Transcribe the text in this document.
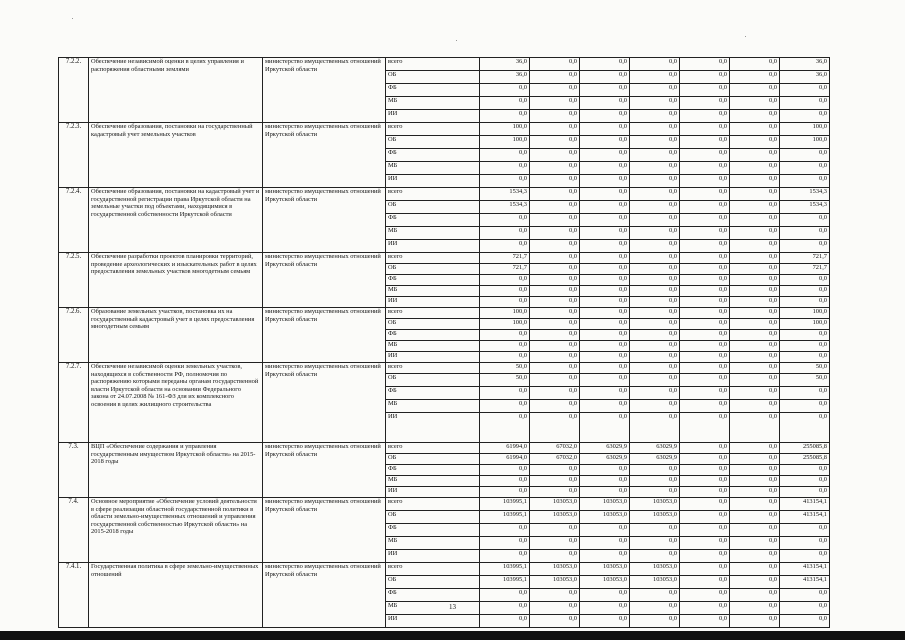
7.2.2.	Обеспечение независимой оценки в целях управления и распоряжения областными землями	министерство имущественных отношений Иркутской области	всего	36,0	0,0	0,0	0,0	0,0	0,0	36,0
			ОБ	36,0	0,0	0,0	0,0	0,0	0,0	36,0
			ФБ	0,0	0,0	0,0	0,0	0,0	0,0	0,0
			МБ	0,0	0,0	0,0	0,0	0,0	0,0	0,0
			ИИ	0,0	0,0	0,0	0,0	0,0	0,0	0,0
7.2.3.	Обеспечение образования, постановки на государственный кадастровый учет земельных участков	министерство имущественных отношений Иркутской области	всего	100,0	0,0	0,0	0,0	0,0	0,0	100,0
			ОБ	100,0	0,0	0,0	0,0	0,0	0,0	100,0
			ФБ	0,0	0,0	0,0	0,0	0,0	0,0	0,0
			МБ	0,0	0,0	0,0	0,0	0,0	0,0	0,0
			ИИ	0,0	0,0	0,0	0,0	0,0	0,0	0,0
7.2.4.	Обеспечение образования, постановки на кадастровый учет и государственной регистрации права Иркутской области на земельные участки под объектами, находящимися в государственной собственности Иркутской области	министерство имущественных отношений Иркутской области	всего	1534,3	0,0	0,0	0,0	0,0	0,0	1534,3
			ОБ	1534,3	0,0	0,0	0,0	0,0	0,0	1534,3
			ФБ	0,0	0,0	0,0	0,0	0,0	0,0	0,0
			МБ	0,0	0,0	0,0	0,0	0,0	0,0	0,0
			ИИ	0,0	0,0	0,0	0,0	0,0	0,0	0,0
7.2.5.	Обеспечение разработки проектов планировки территорий, проведение археологических и изыскательных работ в целях предоставления земельных участков многодетным семьям	министерство имущественных отношений Иркутской области	всего	721,7	0,0	0,0	0,0	0,0	0,0	721,7
			ОБ	721,7	0,0	0,0	0,0	0,0	0,0	721,7
			ФБ	0,0	0,0	0,0	0,0	0,0	0,0	0,0
			МБ	0,0	0,0	0,0	0,0	0,0	0,0	0,0
			ИИ	0,0	0,0	0,0	0,0	0,0	0,0	0,0
7.2.6.	Образование земельных участков, постановка их на государственный кадастровый учет в целях предоставления многодетным семьям	министерство имущественных отношений Иркутской области	всего	100,0	0,0	0,0	0,0	0,0	0,0	100,0
			ОБ	100,0	0,0	0,0	0,0	0,0	0,0	100,0
			ФБ	0,0	0,0	0,0	0,0	0,0	0,0	0,0
			МБ	0,0	0,0	0,0	0,0	0,0	0,0	0,0
			ИИ	0,0	0,0	0,0	0,0	0,0	0,0	0,0
7.2.7.	Обеспечение независимой оценки земельных участков, находящихся в собственности РФ, полномочия по распоряжению которыми переданы органам государственной власти Иркутской области на основании Федерального закона от 24.07.2008 № 161-ФЗ для их комплексного освоения в целях жилищного строительства	министерство имущественных отношений Иркутской области	всего	50,0	0,0	0,0	0,0	0,0	0,0	50,0
			ОБ	50,0	0,0	0,0	0,0	0,0	0,0	50,0
			ФБ	0,0	0,0	0,0	0,0	0,0	0,0	0,0
			МБ	0,0	0,0	0,0	0,0	0,0	0,0	0,0
			ИИ	0,0	0,0	0,0	0,0	0,0	0,0	0,0
7.3.	ВЦП «Обеспечение содержания и управления государственным имуществом Иркутской области» на 2015-2018 годы	министерство имущественных отношений Иркутской области	всего	61994,0	67032,0	63029,9	63029,9	0,0	0,0	255085,8
			ОБ	61994,0	67032,0	63029,9	63029,9	0,0	0,0	255085,8
			ФБ	0,0	0,0	0,0	0,0	0,0	0,0	0,0
			МБ	0,0	0,0	0,0	0,0	0,0	0,0	0,0
			ИИ	0,0	0,0	0,0	0,0	0,0	0,0	0,0
7.4.	Основное мероприятие «Обеспечение условий деятельности в сфере реализации областной государственной политики в области земельно-имущественных отношений и управления государственной собственностью Иркутской области» на 2015-2018 годы	министерство имущественных отношений Иркутской области	всего	103995,1	103053,0	103053,0	103053,0	0,0	0,0	413154,1
			ОБ	103995,1	103053,0	103053,0	103053,0	0,0	0,0	413154,1
			ФБ	0,0	0,0	0,0	0,0	0,0	0,0	0,0
			МБ	0,0	0,0	0,0	0,0	0,0	0,0	0,0
			ИИ	0,0	0,0	0,0	0,0	0,0	0,0	0,0
7.4.1.	Государственная политика в сфере земельно-имущественных отношений	министерство имущественных отношений Иркутской области	всего	103995,1	103053,0	103053,0	103053,0	0,0	0,0	413154,1
			ОБ	103995,1	103053,0	103053,0	103053,0	0,0	0,0	413154,1
			ФБ	0,0	0,0	0,0	0,0	0,0	0,0	0,0
			МБ	0,0	0,0	0,0	0,0	0,0	0,0	0,0
			ИИ	0,0	0,0	0,0	0,0	0,0	0,0	0,0
13
